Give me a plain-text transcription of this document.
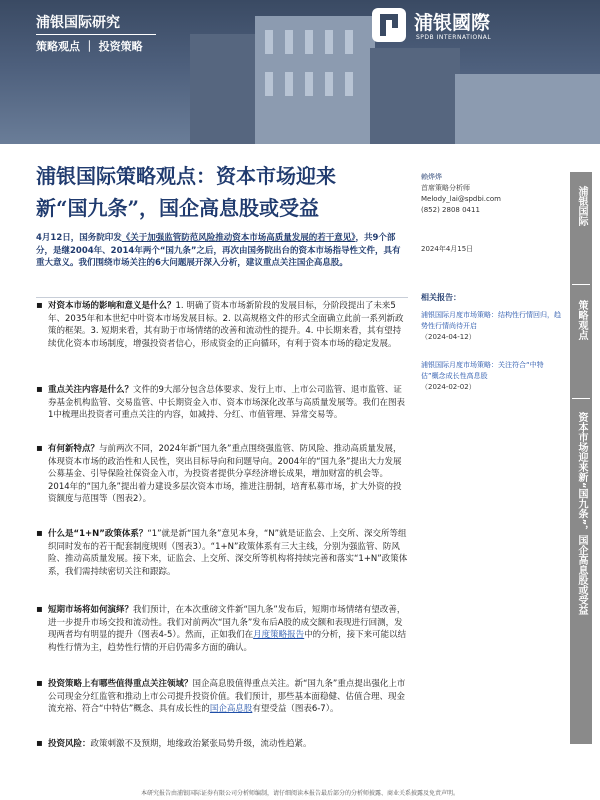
浦银国际研究
策略观点 ｜ 投资策略
浦银國際
SPDB INTERNATIONAL
浦银国际策略观点：资本市场迎来
新“国九条”，国企高息股或受益
4月12日，国务院印发《关于加强监管防范风险推动资本市场高质量发展的若干意见》，共9个部分，是继2004年、2014年两个“国九条”之后，再次由国务院出台的资本市场指导性文件，具有重大意义。我们围绕市场关注的6大问题展开深入分析，建议重点关注国企高息股。
▪ 对资本市场的影响和意义是什么？1. 明确了资本市场新阶段的发展目标，分阶段提出了未来5年、2035年和本世纪中叶资本市场发展目标。2. 以高规格文件的形式全面确立此前一系列新政策的框架。3. 短期来看，其有助于市场情绪的改善和流动性的提升。4. 中长期来看，其有望持续优化资本市场制度，增强投资者信心，形成资金的正向循环，有利于资本市场的稳定发展。
▪ 重点关注内容是什么？文件的9大部分包含总体要求、发行上市、上市公司监管、退市监管、证券基金机构监管、交易监管、中长期资金入市、资本市场深化改革与高质量发展等。我们在图表1中梳理出投资者可重点关注的内容，如减持、分红、市值管理、异常交易等。
▪ 有何新特点？与前两次不同，2024年新“国九条”重点围绕强监管、防风险、推动高质量发展，体现资本市场的政治性和人民性，突出目标导向和问题导向。2004年的“国九条”提出大力发展公募基金、引导保险社保资金入市，为投资者提供分享经济增长成果，增加财富的机会等。2014年的“国九条”提出着力建设多层次资本市场，推进注册制，培育私募市场，扩大外资的投资额度与范围等（图表2）。
▪ 什么是“1+N”政策体系？“1”就是新“国九条”意见本身，“N”就是证监会、上交所、深交所等组织同时发布的若干配套制度规则（图表3）。“1+N”政策体系有三大主线，分别为强监管、防风险、推动高质量发展。接下来，证监会、上交所、深交所等机构将持续完善和落实“1+N”政策体系，我们需持续密切关注和跟踪。
▪ 短期市场将如何演绎？我们预计，在本次重磅文件新“国九条”发布后，短期市场情绪有望改善，进一步提升市场交投和流动性。我们对前两次“国九条”发布后A股的成交额和表现进行回测，发现两者均有明显的提升（图表4-5）。然而，正如我们在月度策略报告中的分析，接下来可能以结构性行情为主，趋势性行情的开启仍需多方面的确认。
▪ 投资策略上有哪些值得重点关注领域？国企高息股值得重点关注。新“国九条”重点提出强化上市公司现金分红监管和推动上市公司提升投资价值。我们预计，那些基本面稳健、估值合理、现金流充裕、符合“中特估”概念、具有成长性的国企高息股有望受益（图表6-7）。
▪ 投资风险：政策刺激不及预期，地缘政治紧张局势升级，流动性趋紧。
赖烨烨
首席策略分析师
Melody_lai@spdbi.com
(852) 2808 0411
2024年4月15日
相关报告：
浦银国际月度市场策略：结构性行情回归，趋势性行情尚待开启
（2024-04-12）
浦银国际月度市场策略：关注符合“中特估”概念成长性高息股
（2024-02-02）
浦银国际
策略观点
资本市场迎来新“国九条”，国企高息股或受益
本研究报告由浦银国际证券有限公司分析师编制，请仔细阅读本报告最后部分的分析师披露、商业关系披露及免责声明。
